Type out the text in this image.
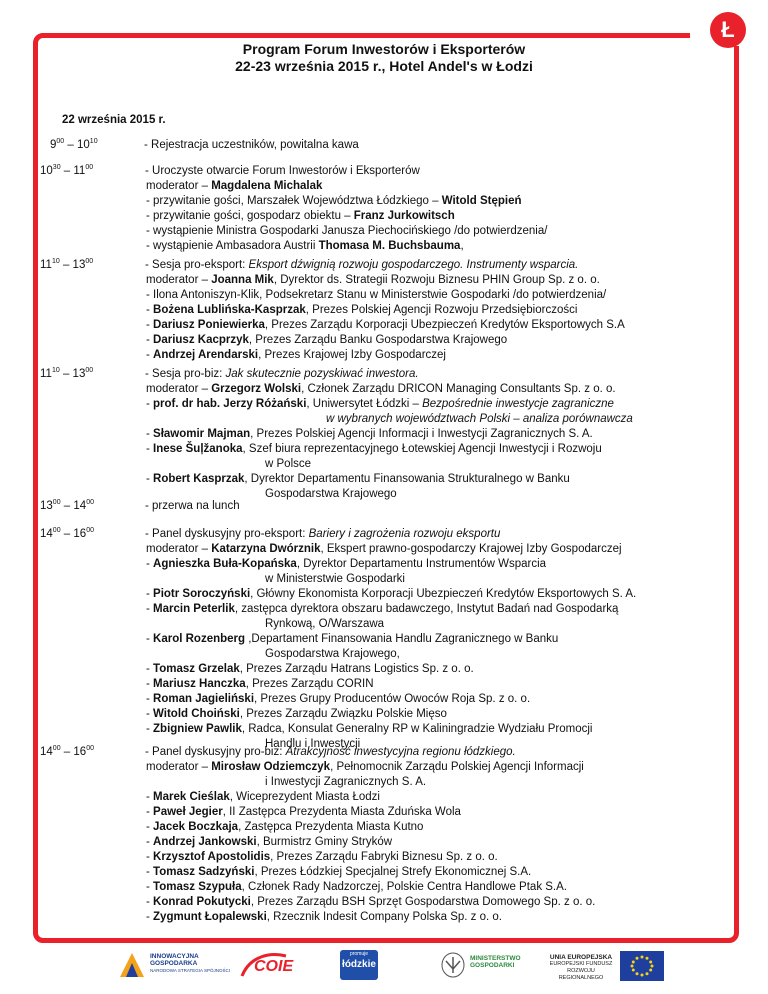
Ł
Program Forum Inwestorów i Eksporterów
22-23 września 2015 r., Hotel Andel's w Łodzi
22 września 2015 r.
$9^{00} - 10^{10}$	- Rejestracja uczestników, powitalna kawa
$10^{30} - 11^{00}$	- Uroczyste otwarcie Forum Inwestorów i Eksporterów
moderator – Magdalena Michalak
- przywitanie gości, Marszałek Województwa Łódzkiego – Witold Stępień
- przywitanie gości, gospodarz obiektu – Franz Jurkowitsch
- wystąpienie Ministra Gospodarki Janusza Piechocińskiego /do potwierdzenia/
- wystąpienie Ambasadora Austrii Thomasa M. Buchsbauma,
$11^{10} - 13^{00}$	- Sesja pro-eksport: Eksport dźwignią rozwoju gospodarczego. Instrumenty wsparcia.
moderator – Joanna Mik, Dyrektor ds. Strategii Rozwoju Biznesu PHIN Group Sp. z o. o.
- Ilona Antoniszyn-Klik, Podsekretarz Stanu w Ministerstwie Gospodarki /do potwierdzenia/
- Bożena Lublińska-Kasprzak, Prezes Polskiej Agencji Rozwoju Przedsiębiorczości
- Dariusz Poniewierka, Prezes Zarządu Korporacji Ubezpieczeń Kredytów Eksportowych S.A
- Dariusz Kacprzyk, Prezes Zarządu Banku Gospodarstwa Krajowego
- Andrzej Arendarski, Prezes Krajowej Izby Gospodarczej
$11^{10} - 13^{00}$	- Sesja pro-biz: Jak skutecznie pozyskiwać inwestora.
moderator – Grzegorz Wolski, Członek Zarządu DRICON Managing Consultants Sp. z o. o.
- prof. dr hab. Jerzy Różański, Uniwersytet Łódzki – Bezpośrednie inwestycje zagraniczne
w wybranych województwach Polski – analiza porównawcza
- Sławomir Majman, Prezes Polskiej Agencji Informacji i Inwestycji Zagranicznych S. A.
- Inese Šuļžanoka, Szef biura reprezentacyjnego Łotewskiej Agencji Inwestycji i Rozwoju
w Polsce
- Robert Kasprzak, Dyrektor Departamentu Finansowania Strukturalnego w Banku
Gospodarstwa Krajowego
$13^{00} - 14^{00}$	- przerwa na lunch
$14^{00} - 16^{00}$	- Panel dyskusyjny pro-eksport: Bariery i zagrożenia rozwoju eksportu
moderator – Katarzyna Dwórznik, Ekspert prawno-gospodarczy Krajowej Izby Gospodarczej
- Agnieszka Buła-Kopańska, Dyrektor Departamentu Instrumentów Wsparcia
w Ministerstwie Gospodarki
- Piotr Soroczyński, Główny Ekonomista Korporacji Ubezpieczeń Kredytów Eksportowych S. A.
- Marcin Peterlik, zastępca dyrektora obszaru badawczego, Instytut Badań nad Gospodarką
Rynkową, O/Warszawa
- Karol Rozenberg ,Departament Finansowania Handlu Zagranicznego w Banku
Gospodarstwa Krajowego,
- Tomasz Grzelak, Prezes Zarządu Hatrans Logistics Sp. z o. o.
- Mariusz Hanczka, Prezes Zarządu CORIN
- Roman Jagieliński, Prezes Grupy Producentów Owoców Roja Sp. z o. o.
- Witold Choiński, Prezes Zarządu Związku Polskie Mięso
- Zbigniew Pawlik, Radca, Konsulat Generalny RP w Kaliningradzie Wydziału Promocji
Handlu i Inwestycji
$14^{00} - 16^{00}$	- Panel dyskusyjny pro-biz: Atrakcyjność inwestycyjna regionu łódzkiego.
moderator – Mirosław Odziemczyk, Pełnomocnik Zarządu Polskiej Agencji Informacji
i Inwestycji Zagranicznych S. A.
- Marek Cieślak, Wiceprezydent Miasta Łodzi
- Paweł Jegier, II Zastępca Prezydenta Miasta Zduńska Wola
- Jacek Boczkaja, Zastępca Prezydenta Miasta Kutno
- Andrzej Jankowski, Burmistrz Gminy Stryków
- Krzysztof Apostolidis, Prezes Zarządu Fabryki Biznesu Sp. z o. o.
- Tomasz Sadzyński, Prezes Łódzkiej Specjalnej Strefy Ekonomicznej S.A.
- Tomasz Szypuła, Członek Rady Nadzorczej, Polskie Centra Handlowe Ptak S.A.
- Konrad Pokutycki, Prezes Zarządu BSH Sprzęt Gospodarstwa Domowego Sp. z o. o.
- Zygmunt Łopalewski, Rzecznik Indesit Company Polska Sp. z o. o.
INNOWACYJNA
GOSPODARKA
NARODOWA STRATEGIA SPÓJNOŚCI COIE
promuje
łódzkie
MINISTERSTWO
GOSPODARKI
UNIA EUROPEJSKA
EUROPEJSKI FUNDUSZ
ROZWOJU REGIONALNEGO
